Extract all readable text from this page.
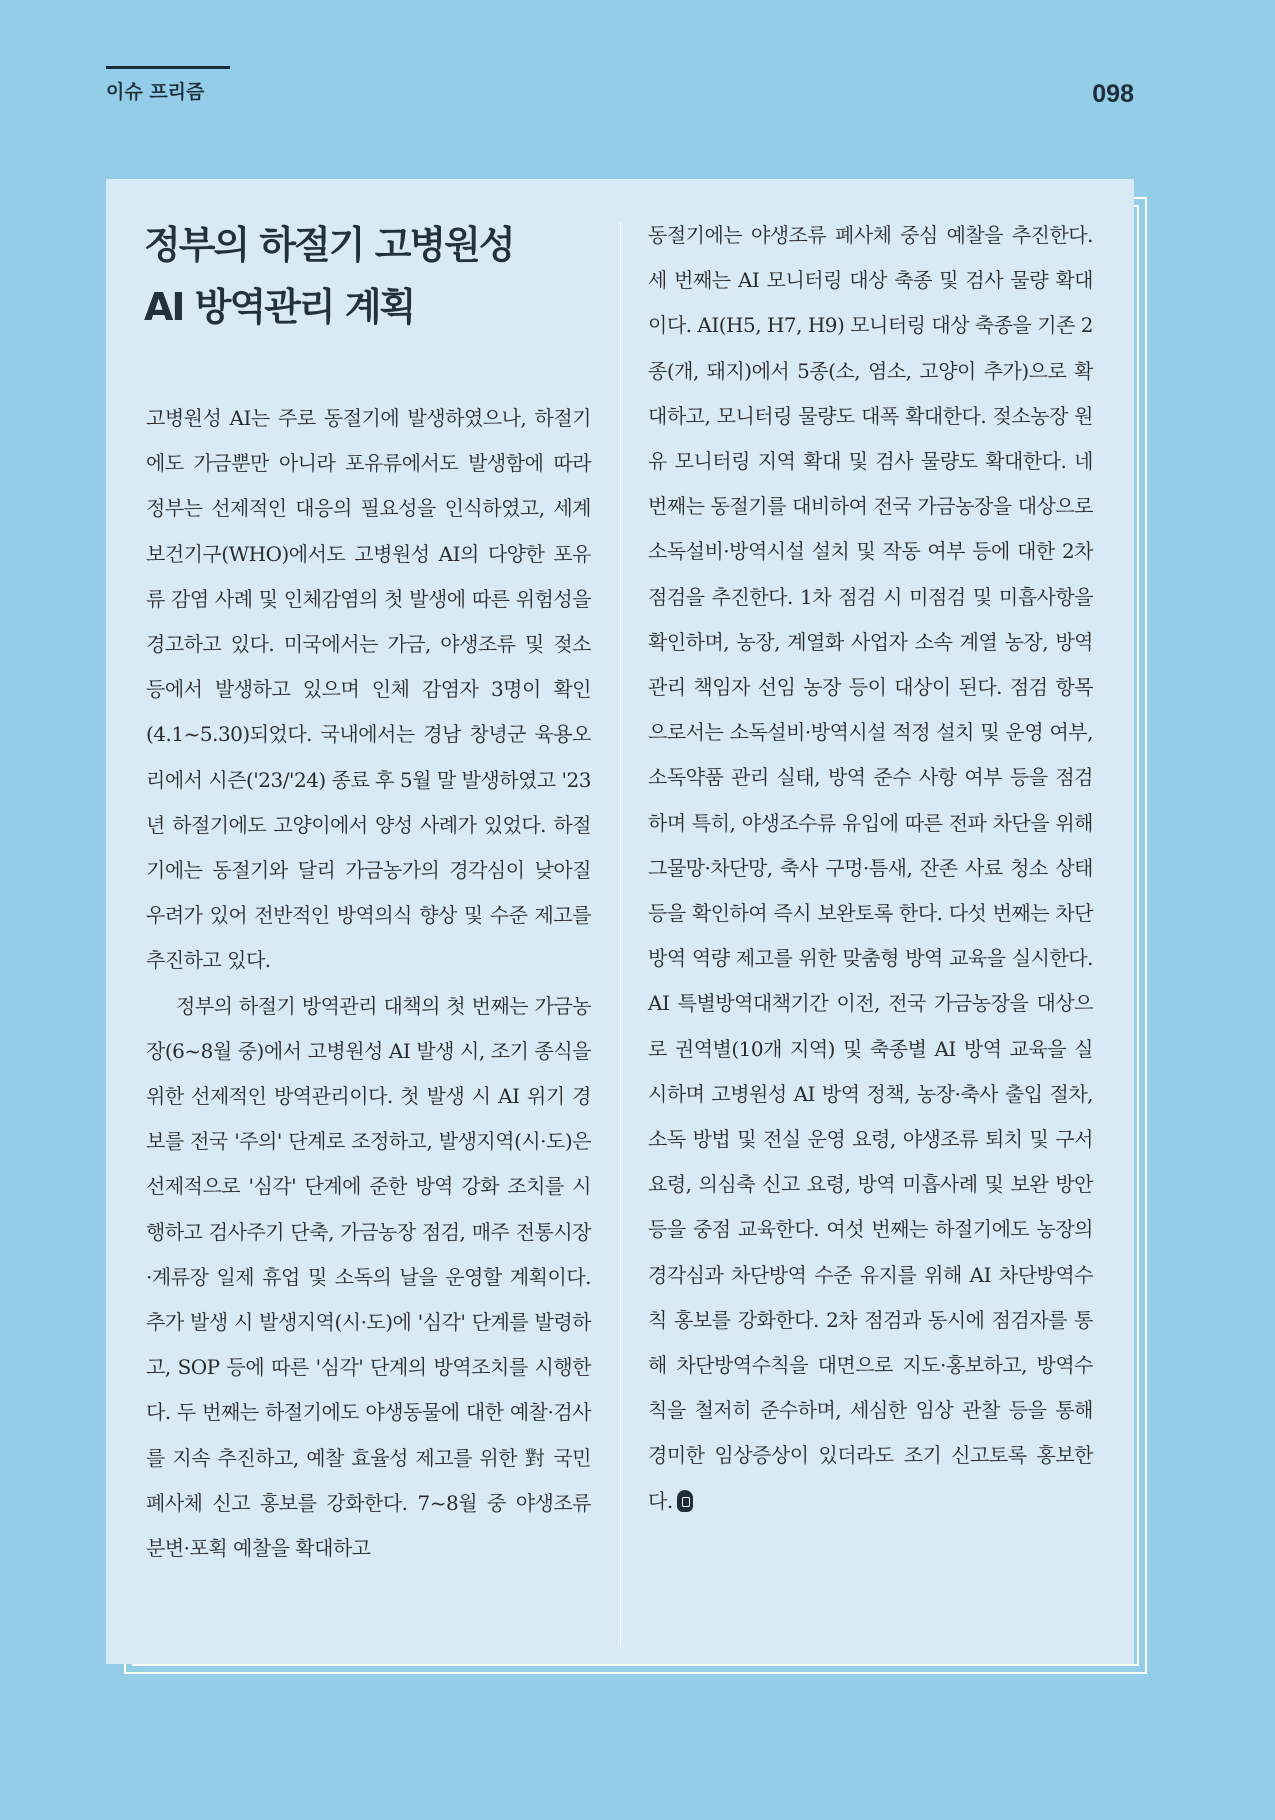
이슈 프리즘	098
정부의 하절기 고병원성
AI 방역관리 계획

고병원성 AI는 주로 동절기에 발생하였으나, 하절기에도 가금뿐만 아니라 포유류에서도 발생함에 따라 정부는 선제적인 대응의 필요성을 인식하였고, 세계보건기구(WHO)에서도 고병원성 AI의 다양한 포유류 감염 사례 및 인체감염의 첫 발생에 따른 위험성을 경고하고 있다. 미국에서는 가금, 야생조류 및 젖소 등에서 발생하고 있으며 인체 감염자 3명이 확인(4.1~5.30)되었다. 국내에서는 경남 창녕군 육용오리에서 시즌('23/'24) 종료 후 5월 말 발생하였고 '23년 하절기에도 고양이에서 양성 사례가 있었다. 하절기에는 동절기와 달리 가금농가의 경각심이 낮아질 우려가 있어 전반적인 방역의식 향상 및 수준 제고를 추진하고 있다.

정부의 하절기 방역관리 대책의 첫 번째는 가금농장(6~8월 중)에서 고병원성 AI 발생 시, 조기 종식을 위한 선제적인 방역관리이다. 첫 발생 시 AI 위기 경보를 전국 '주의' 단계로 조정하고, 발생지역(시·도)은 선제적으로 '심각' 단계에 준한 방역 강화 조치를 시행하고 검사주기 단축, 가금농장 점검, 매주 전통시장·계류장 일제 휴업 및 소독의 날을 운영할 계획이다. 추가 발생 시 발생지역(시·도)에 '심각' 단계를 발령하고, SOP 등에 따른 '심각' 단계의 방역조치를 시행한다. 두 번째는 하절기에도 야생동물에 대한 예찰·검사를 지속 추진하고, 예찰 효율성 제고를 위한 對 국민 폐사체 신고 홍보를 강화한다. 7~8월 중 야생조류 분변·포획 예찰을 확대하고

동절기에는 야생조류 폐사체 중심 예찰을 추진한다. 세 번째는 AI 모니터링 대상 축종 및 검사 물량 확대이다. AI(H5, H7, H9) 모니터링 대상 축종을 기존 2종(개, 돼지)에서 5종(소, 염소, 고양이 추가)으로 확대하고, 모니터링 물량도 대폭 확대한다. 젖소농장 원유 모니터링 지역 확대 및 검사 물량도 확대한다. 네 번째는 동절기를 대비하여 전국 가금농장을 대상으로 소독설비·방역시설 설치 및 작동 여부 등에 대한 2차 점검을 추진한다. 1차 점검 시 미점검 및 미흡사항을 확인하며, 농장, 계열화 사업자 소속 계열 농장, 방역관리 책임자 선임 농장 등이 대상이 된다. 점검 항목으로서는 소독설비·방역시설 적정 설치 및 운영 여부, 소독약품 관리 실태, 방역 준수 사항 여부 등을 점검하며 특히, 야생조수류 유입에 따른 전파 차단을 위해 그물망·차단망, 축사 구멍·틈새, 잔존 사료 청소 상태 등을 확인하여 즉시 보완토록 한다. 다섯 번째는 차단방역 역량 제고를 위한 맞춤형 방역 교육을 실시한다. AI 특별방역대책기간 이전, 전국 가금농장을 대상으로 권역별(10개 지역) 및 축종별 AI 방역 교육을 실시하며 고병원성 AI 방역 정책, 농장·축사 출입 절차, 소독 방법 및 전실 운영 요령, 야생조류 퇴치 및 구서 요령, 의심축 신고 요령, 방역 미흡사례 및 보완 방안 등을 중점 교육한다. 여섯 번째는 하절기에도 농장의 경각심과 차단방역 수준 유지를 위해 AI 차단방역수칙 홍보를 강화한다. 2차 점검과 동시에 점검자를 통해 차단방역수칙을 대면으로 지도·홍보하고, 방역수칙을 철저히 준수하며, 세심한 임상 관찰 등을 통해 경미한 임상증상이 있더라도 조기 신고토록 홍보한다.
